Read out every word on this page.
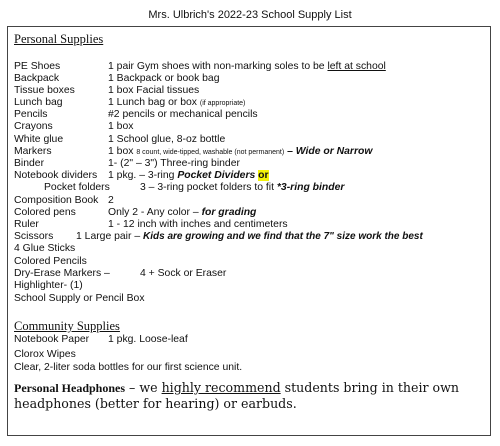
Mrs. Ulbrich's 2022-23 School Supply List
Personal Supplies
PE Shoes	1 pair Gym shoes with non-marking soles to be left at school
Backpack	1 Backpack or book bag
Tissue boxes	1 box Facial tissues
Lunch bag	1 Lunch bag or box (if appropriate)
Pencils	#2 pencils or mechanical pencils
Crayons	1 box
White glue	1 School glue, 8-oz bottle
Markers	1 box 8 count, wide-tipped, washable (not permanent) – Wide or Narrow
Binder	1- (2" – 3") Three-ring binder
Notebook dividers 1 pkg. – 3-ring Pocket Dividers or
Pocket folders	3 – 3-ring pocket folders to fit *3-ring binder
Composition Book 2
Colored pens	Only 2 - Any color – for grading
Ruler	1 - 12 inch with inches and centimeters
Scissors 1 Large pair – Kids are growing and we find that the 7" size work the best
4 Glue Sticks
Colored Pencils
Dry-Erase Markers –	4 + Sock or Eraser
Highlighter- (1)
School Supply or Pencil Box
Community Supplies
Notebook Paper 1 pkg. Loose-leaf
Clorox Wipes
Clear, 2-liter soda bottles for our first science unit.
Personal Headphones – we highly recommend students bring in their own headphones (better for hearing) or earbuds.
